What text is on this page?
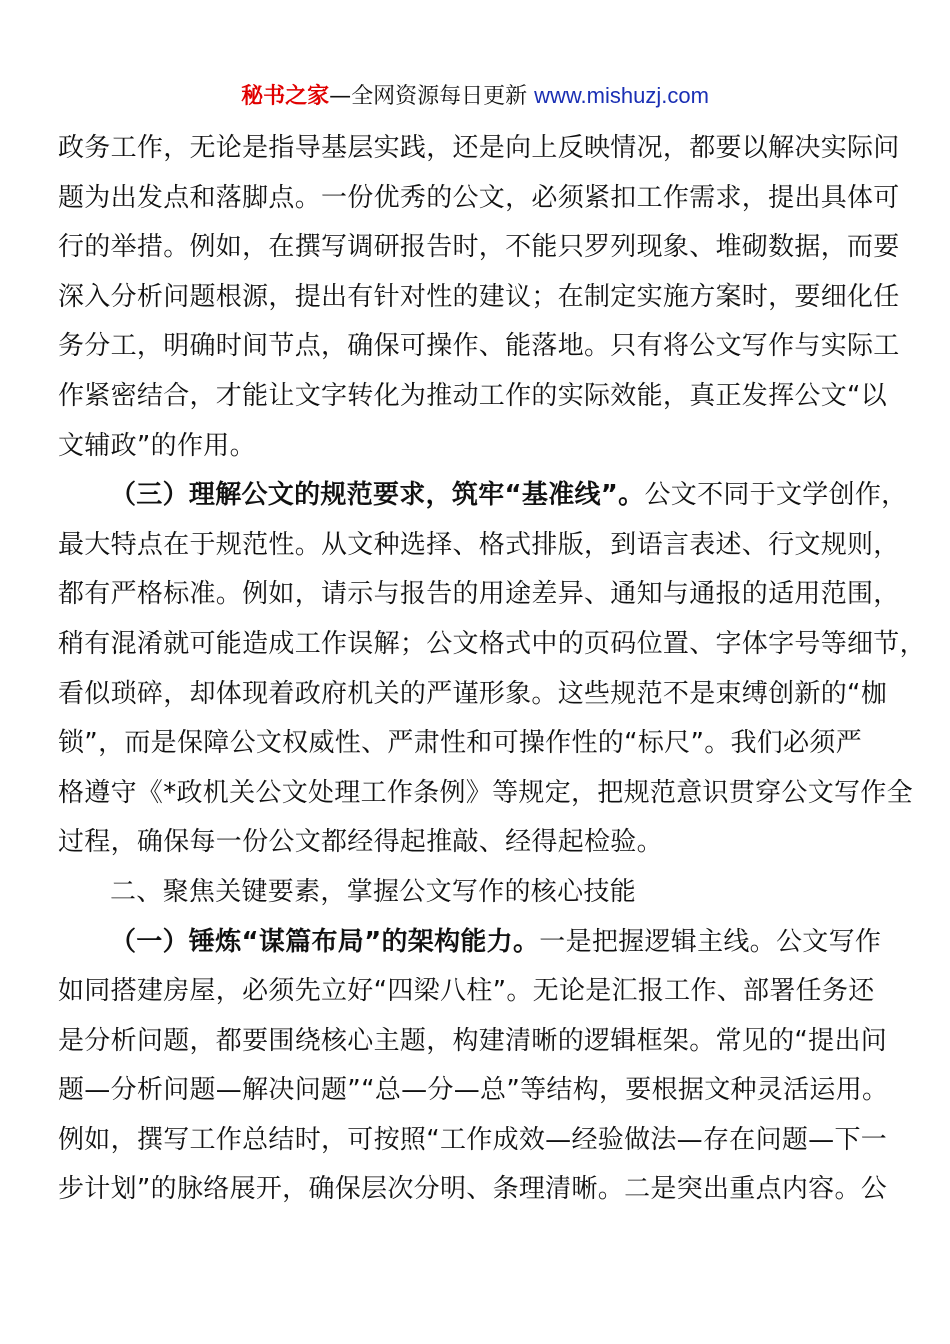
秘书之家—全网资源每日更新 www.mishuzj.com

政务工作，无论是指导基层实践，还是向上反映情况，都要以解决实际问
题为出发点和落脚点。一份优秀的公文，必须紧扣工作需求，提出具体可
行的举措。例如，在撰写调研报告时，不能只罗列现象、堆砌数据，而要
深入分析问题根源，提出有针对性的建议；在制定实施方案时，要细化任
务分工，明确时间节点，确保可操作、能落地。只有将公文写作与实际工
作紧密结合，才能让文字转化为推动工作的实际效能，真正发挥公文“以
文辅政”的作用。

（三）理解公文的规范要求，筑牢“基准线”。公文不同于文学创作，
最大特点在于规范性。从文种选择、格式排版，到语言表述、行文规则，
都有严格标准。例如，请示与报告的用途差异、通知与通报的适用范围，
稍有混淆就可能造成工作误解；公文格式中的页码位置、字体字号等细节，
看似琐碎，却体现着政府机关的严谨形象。这些规范不是束缚创新的“枷
锁”，而是保障公文权威性、严肃性和可操作性的“标尺”。我们必须严
格遵守《*政机关公文处理工作条例》等规定，把规范意识贯穿公文写作全
过程，确保每一份公文都经得起推敲、经得起检验。

二、聚焦关键要素，掌握公文写作的核心技能

（一）锤炼“谋篇布局”的架构能力。一是把握逻辑主线。公文写作
如同搭建房屋，必须先立好“四梁八柱”。无论是汇报工作、部署任务还
是分析问题，都要围绕核心主题，构建清晰的逻辑框架。常见的“提出问
题—分析问题—解决问题”“总—分—总”等结构，要根据文种灵活运用。
例如，撰写工作总结时，可按照“工作成效—经验做法—存在问题—下一
步计划”的脉络展开，确保层次分明、条理清晰。二是突出重点内容。公
